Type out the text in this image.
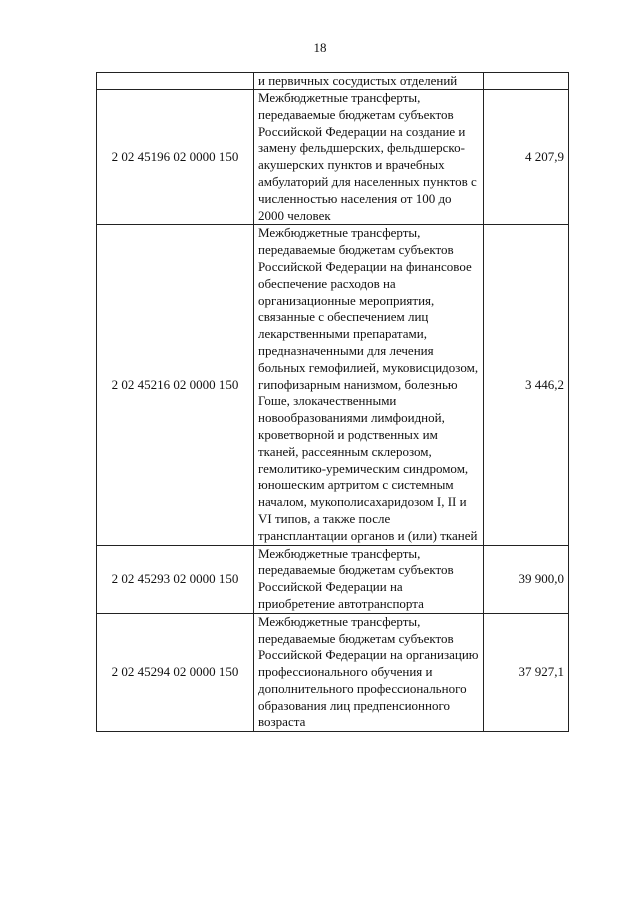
18
	и первичных сосудистых отделений	
2 02 45196 02 0000 150	Межбюджетные трансферты, передаваемые бюджетам субъектов Российской Федерации на создание и замену фельдшерских, фельдшерско-акушерских пунктов и врачебных амбулаторий для населенных пунктов с численностью населения от 100 до 2000 человек	4 207,9
2 02 45216 02 0000 150	Межбюджетные трансферты, передаваемые бюджетам субъектов Российской Федерации на финансовое обеспечение расходов на организационные мероприятия, связанные с обеспечением лиц лекарственными препаратами, предназначенными для лечения больных гемофилией, муковисцидозом, гипофизарным нанизмом, болезнью Гоше, злокачественными новообразованиями лимфоидной, кроветворной и родственных им тканей, рассеянным склерозом, гемолитико-уремическим синдромом, юношеским артритом с системным началом, мукополисахаридозом I, II и VI типов, а также после трансплантации органов и (или) тканей	3 446,2
2 02 45293 02 0000 150	Межбюджетные трансферты, передаваемые бюджетам субъектов Российской Федерации на приобретение автотранспорта	39 900,0
2 02 45294 02 0000 150	Межбюджетные трансферты, передаваемые бюджетам субъектов Российской Федерации на организацию профессионального обучения и дополнительного профессионального образования лиц предпенсионного возраста	37 927,1
